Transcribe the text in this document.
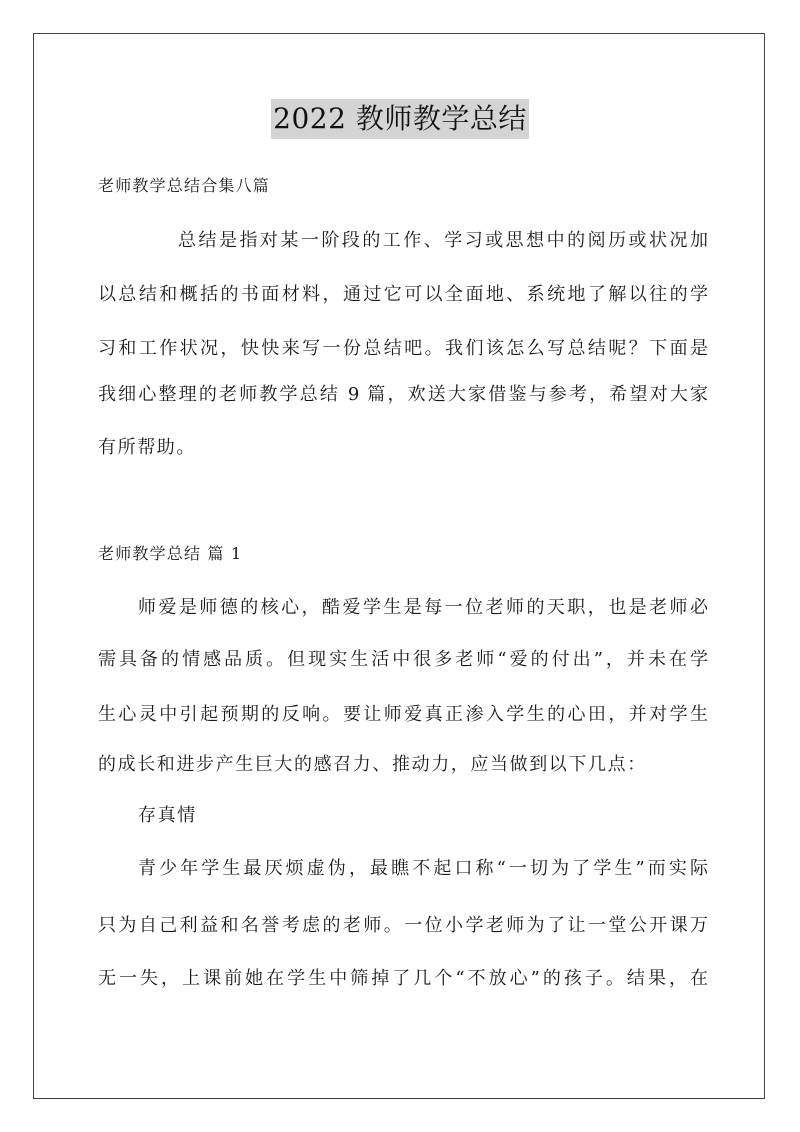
2022 教师教学总结

老师教学总结合集八篇

总结是指对某一阶段的工作、学习或思想中的阅历或状况加

以总结和概括的书面材料，通过它可以全面地、系统地了解以往的学

习和工作状况，快快来写一份总结吧。我们该怎么写总结呢？下面是

我细心整理的老师教学总结 9 篇，欢送大家借鉴与参考，希望对大家

有所帮助。

老师教学总结 篇 1

师爱是师德的核心，酷爱学生是每一位老师的天职，也是老师必

需具备的情感品质。但现实生活中很多老师“爱的付出”，并未在学

生心灵中引起预期的反响。要让师爱真正渗入学生的心田，并对学生

的成长和进步产生巨大的感召力、推动力，应当做到以下几点：

存真情

青少年学生最厌烦虚伪，最瞧不起口称“一切为了学生”而实际

只为自己利益和名誉考虑的老师。一位小学老师为了让一堂公开课万

无一失，上课前她在学生中筛掉了几个“不放心”的孩子。结果，在
